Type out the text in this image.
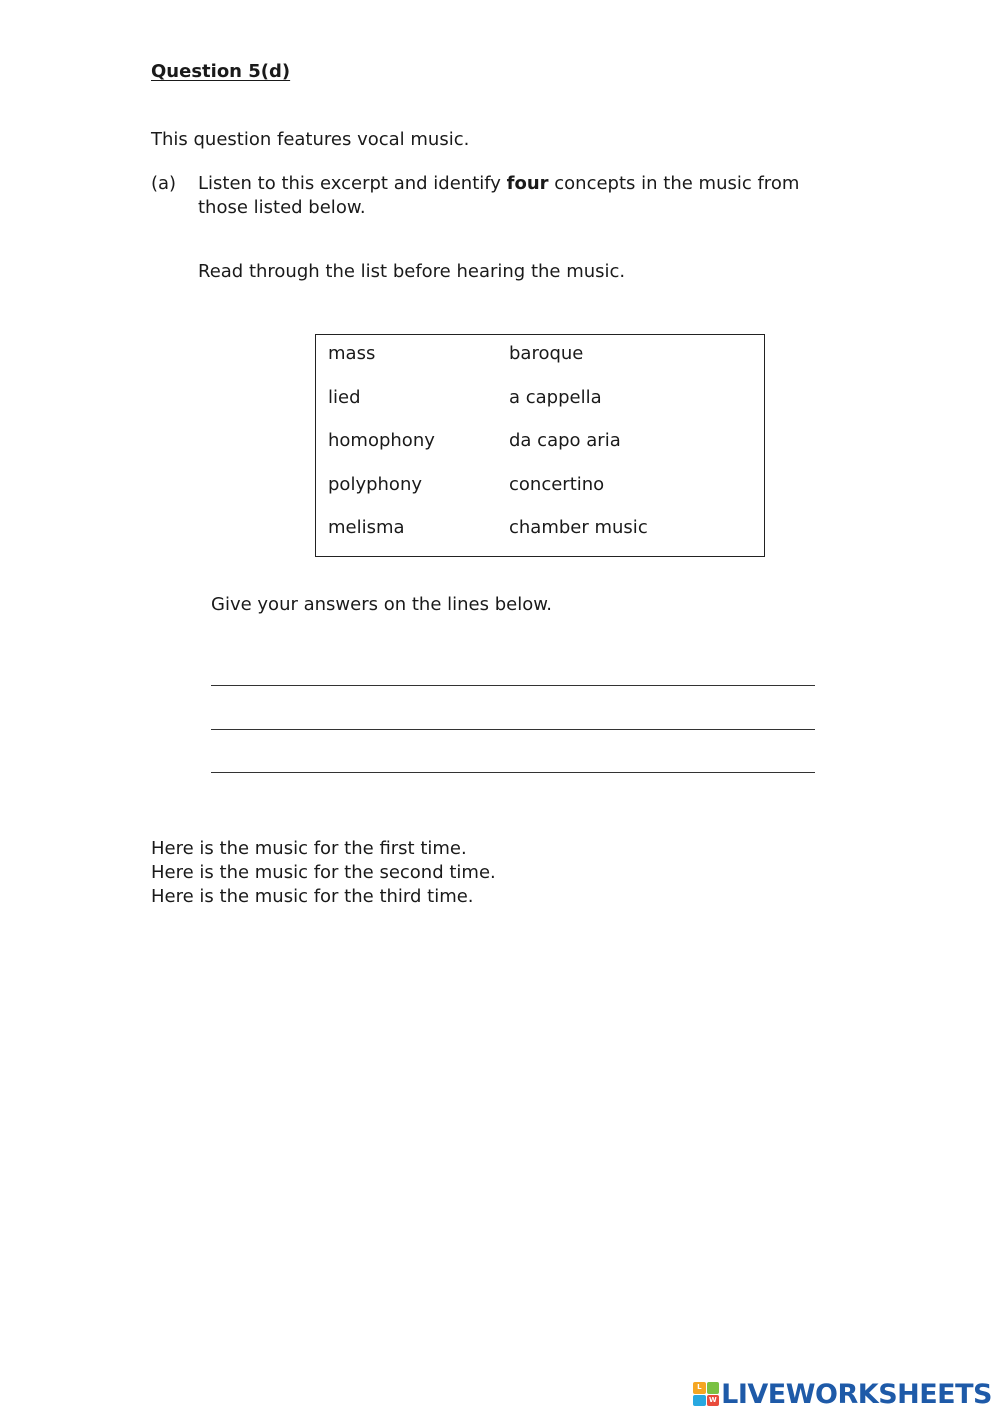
Question 5(d)
This question features vocal music.
(a) Listen to this excerpt and identify four concepts in the music from
those listed below.
Read through the list before hearing the music.
mass
lied
homophony
polyphony
melisma
baroque
a cappella
da capo aria
concertino
chamber music
Give your answers on the lines below.
Here is the music for the first time.
Here is the music for the second time.
Here is the music for the third time.
L
W LIVEWORKSHEETS
